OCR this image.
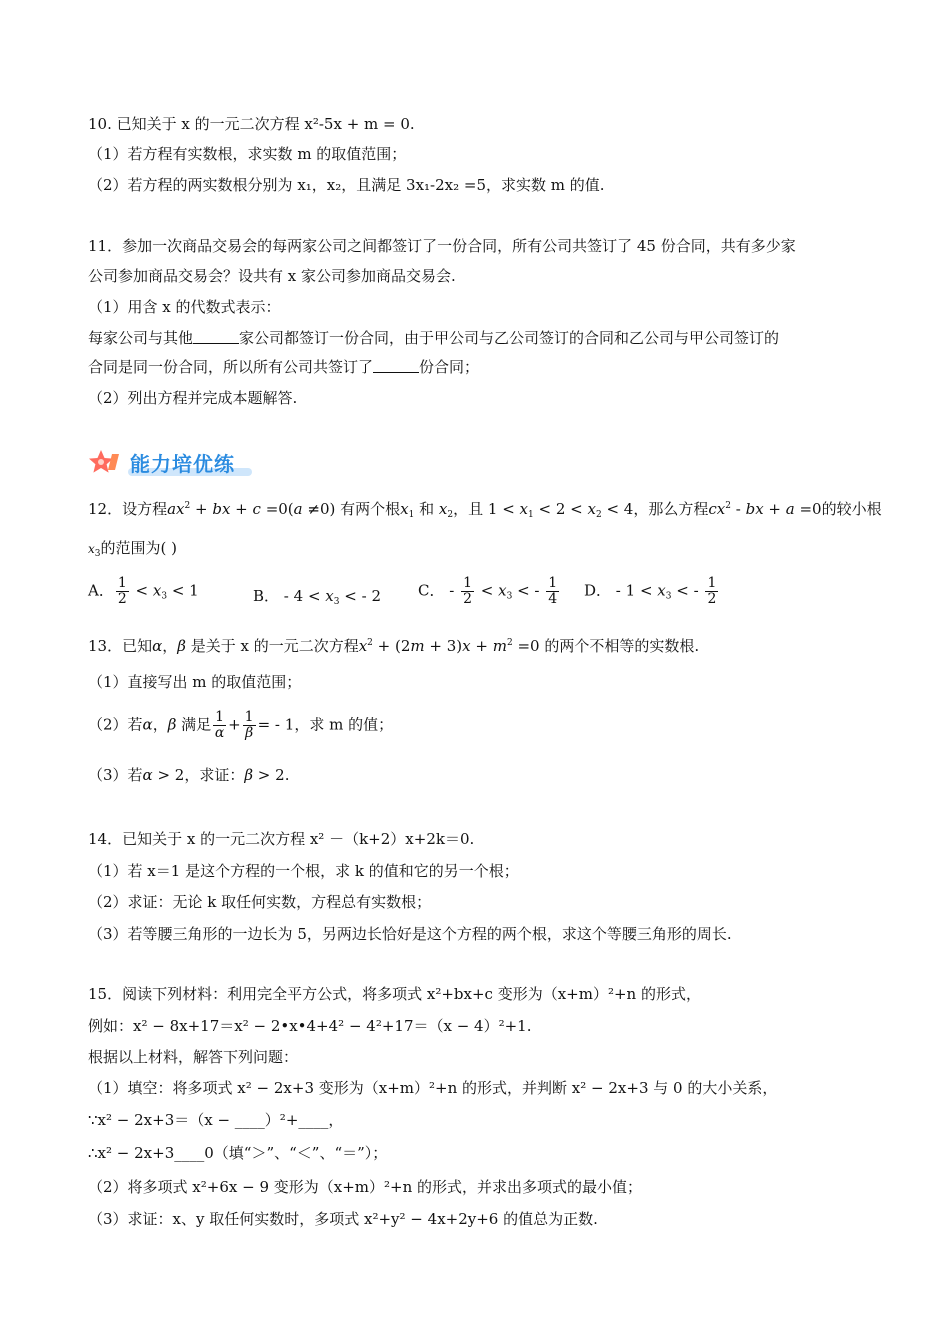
10. 已知关于 x 的一元二次方程 x²-5x + m = 0.
（1）若方程有实数根，求实数 m 的取值范围；
（2）若方程的两实数根分别为 x₁，x₂，且满足 3x₁-2x₂ =5，求实数 m 的值.
11．参加一次商品交易会的每两家公司之间都签订了一份合同，所有公司共签订了 45 份合同，共有多少家
公司参加商品交易会？设共有 x 家公司参加商品交易会.
（1）用含 x 的代数式表示：
每家公司与其他	家公司都签订一份合同，由于甲公司与乙公司签订的合同和乙公司与甲公司签订的
合同是同一份合同，所以所有公司共签订了	份合同；
（2）列出方程并完成本题解答.
能力培优练
12．设方程$ax^2$ + bx + c =0(a ≠0) 有两个根$x_1$ 和 $x_2$，且 $1 < x_1 < 2 < x_2 < 4$，那么方程$cx^2$ - bx + a =0的较小根
$x_3$的范围为( )
A． $\frac{1}{2} < x_3 < 1$	B． - $4 < x_3$ < - 2 C． - $\frac{1}{2} < x_3$ < - $\frac{1}{4}$ D． - $1 < x_3$ < - $\frac{1}{2}$
13．已知α，β 是关于 x 的一元二次方程$x^2 + (2m + 3)x + m^2 =0$ 的两个不相等的实数根.
（1）直接写出 m 的取值范围；
（2）若α，β 满足 $\frac{1}{\alpha} + \frac{1}{\beta}$ = - 1，求 m 的值；
（3）若α > 2，求证：β > 2.
14．已知关于 x 的一元二次方程 x² －（k+2）x+2k＝0.
（1）若 x＝1 是这个方程的一个根，求 k 的值和它的另一个根；
（2）求证：无论 k 取任何实数，方程总有实数根；
（3）若等腰三角形的一边长为 5，另两边长恰好是这个方程的两个根，求这个等腰三角形的周长.
15．阅读下列材料：利用完全平方公式，将多项式 x²+bx+c 变形为（x+m）²+n 的形式，
例如：x² − 8x+17＝x² − 2•x•4+4² − 4²+17＝（x − 4）²+1.
根据以上材料，解答下列问题：
（1）填空：将多项式 x² − 2x+3 变形为（x+m）²+n 的形式，并判断 x² − 2x+3 与 0 的大小关系，
∵x² − 2x+3＝（x − ____）²+____，
∴x² − 2x+3____0（填“＞”、“＜”、“＝”）；
（2）将多项式 x²+6x − 9 变形为（x+m）²+n 的形式，并求出多项式的最小值；
（3）求证：x、y 取任何实数时，多项式 x²+y² − 4x+2y+6 的值总为正数.
